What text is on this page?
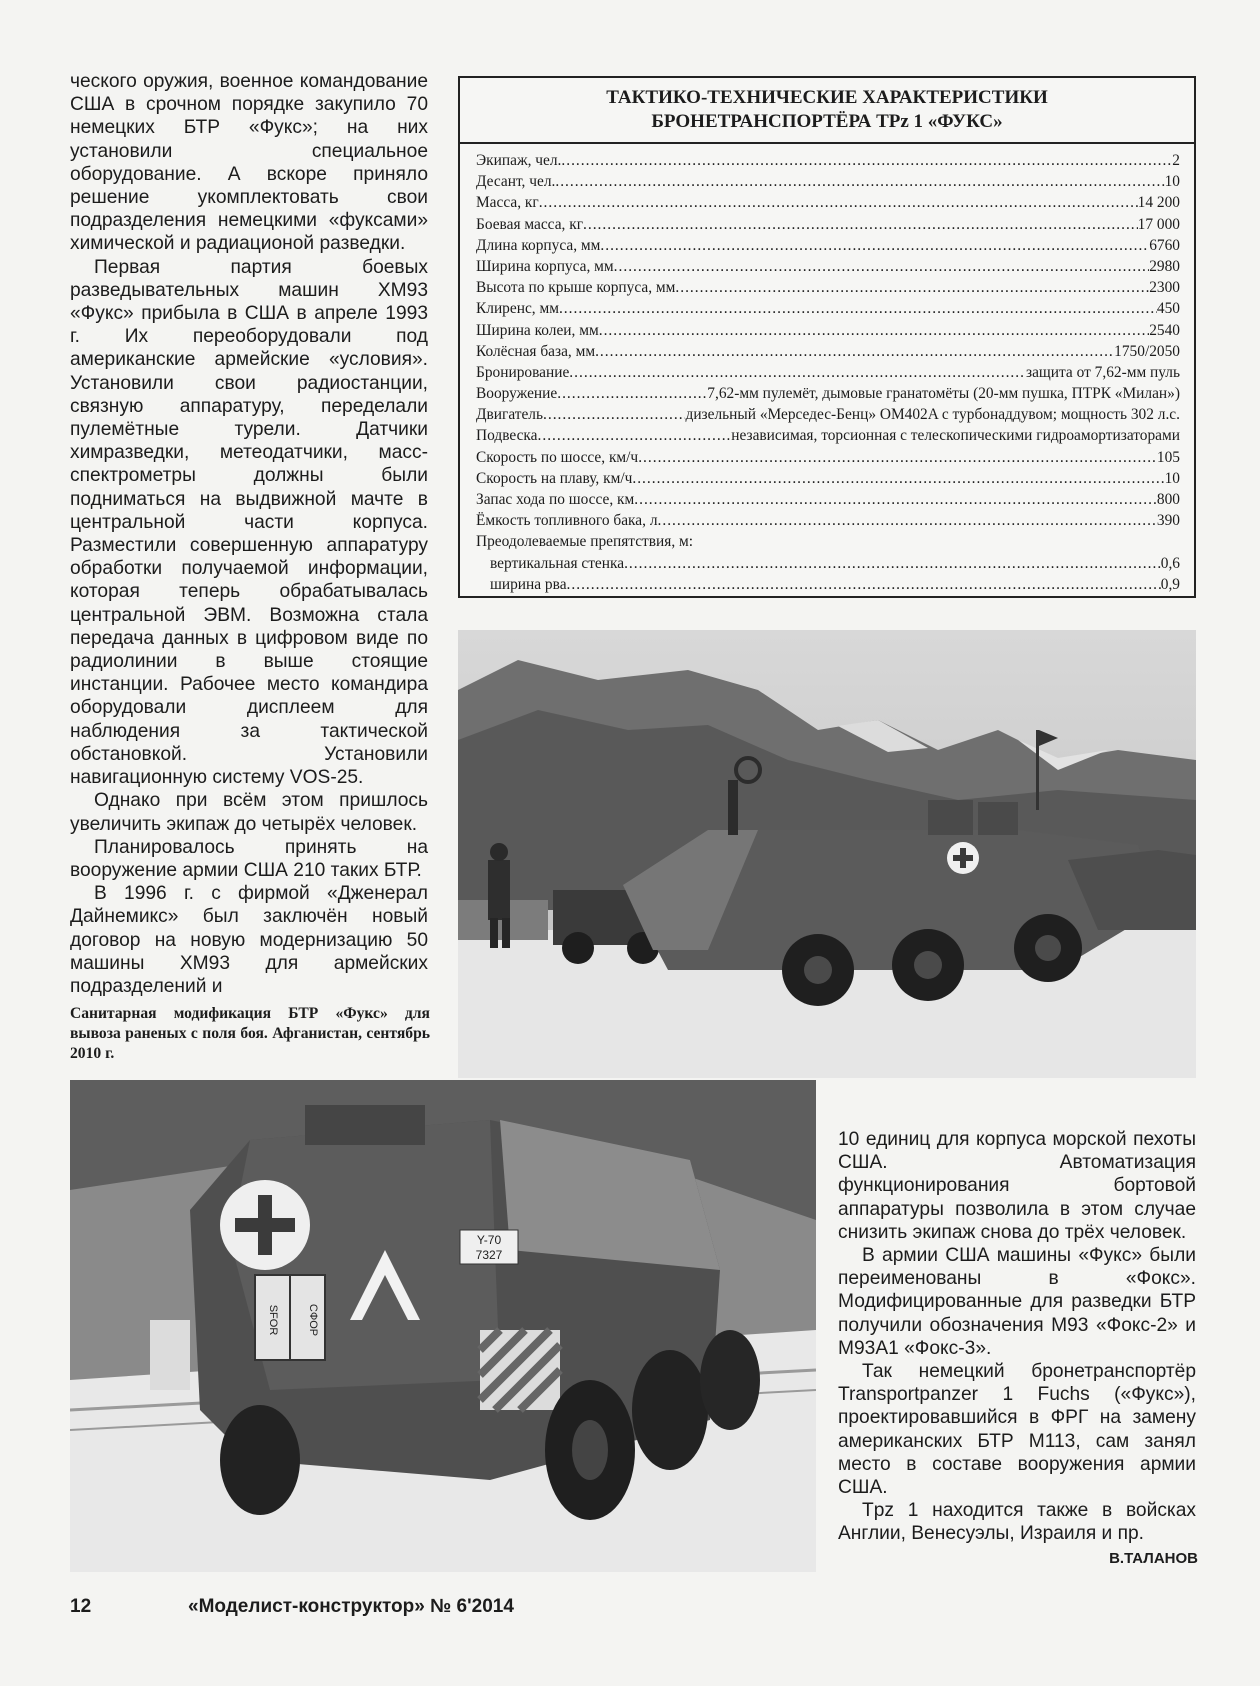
ческого оружия, военное командование США в срочном порядке закупило 70 немецких БТР «Фукс»; на них установили специальное оборудование. А вскоре приняло решение укомплектовать свои подразделения немецкими «фуксами» химической и радиационой разведки.

Первая партия боевых разведывательных машин ХМ93 «Фукс» прибыла в США в апреле 1993 г. Их переоборудовали под американские армейские «условия». Установили свои радиостанции, связную аппаратуру, переделали пулемётные турели. Датчики химразведки, метеодатчики, масс-спектрометры должны были подниматься на выдвижной мачте в центральной части корпуса. Разместили совершенную аппаратуру обработки получаемой информации, которая теперь обрабатывалась центральной ЭВМ. Возможна стала передача данных в цифровом виде по радиолинии в выше стоящие инстанции. Рабочее место командира оборудовали дисплеем для наблюдения за тактической обстановкой. Установили навигационную систему VOS-25.

Однако при всём этом пришлось увеличить экипаж до четырёх человек.

Планировалось принять на вооружение армии США 210 таких БТР.

В 1996 г. с фирмой «Дженерал Дайнемикс» был заключён новый договор на новую модернизацию 50 машины ХМ93 для армейских подразделений и

ТАКТИКО-ТЕХНИЧЕСКИЕ ХАРАКТЕРИСТИКИ
БРОНЕТРАНСПОРТЁРА TPz 1 «ФУКС»
Экипаж, чел. .....	2
Десант, чел. .....	10
Масса, кг .....	14 200
Боевая масса, кг .....	17 000
Длина корпуса, мм .....	6760
Ширина корпуса, мм .....	2980
Высота по крыше корпуса, мм .....	2300
Клиренс, мм .....	450
Ширина колеи, мм .....	2540
Колёсная база, мм .....	1750/2050
Бронирование .....	защита от 7,62-мм пуль
Вооружение .....	7,62-мм пулемёт, дымовые гранатомёты (20-мм пушка, ПТРК «Милан»)
Двигатель .....	дизельный «Мерседес-Бенц» OM402A с турбонаддувом; мощность 302 л.с.
Подвеска .....	независимая, торсионная с телескопическими гидроамортизаторами
Скорость по шоссе, км/ч .....	105
Скорость на плаву, км/ч .....	10
Запас хода по шоссе, км .....	800
Ёмкость топливного бака, л .....	390
Преодолеваемые препятствия, м:
вертикальная стенка .....	0,6
ширина рва .....	0,9
Санитарная модификация БТР «Фукс» для вывоза раненых с поля боя. Афганистан, сентябрь 2010 г.
SFOR	СФОР
Y-70
7327

10 единиц для корпуса морской пехоты США. Автоматизация функционирования бортовой аппаратуры позволила в этом случае снизить экипаж снова до трёх человек.

В армии США машины «Фукс» были переименованы в «Фокс». Модифицированные для разведки БТР получили обозначения М93 «Фокс-2» и М93А1 «Фокс-3».

Так немецкий бронетранспортёр Transportpanzer 1 Fuchs («Фукс»), проектировавшийся в ФРГ на замену американских БТР М113, сам занял место в составе вооружения армии США.

Tpz 1 находится также в войсках Англии, Венесуэлы, Израиля и пр.

В.ТАЛАНОВ
12	«Моделист-конструктор» № 6'2014
